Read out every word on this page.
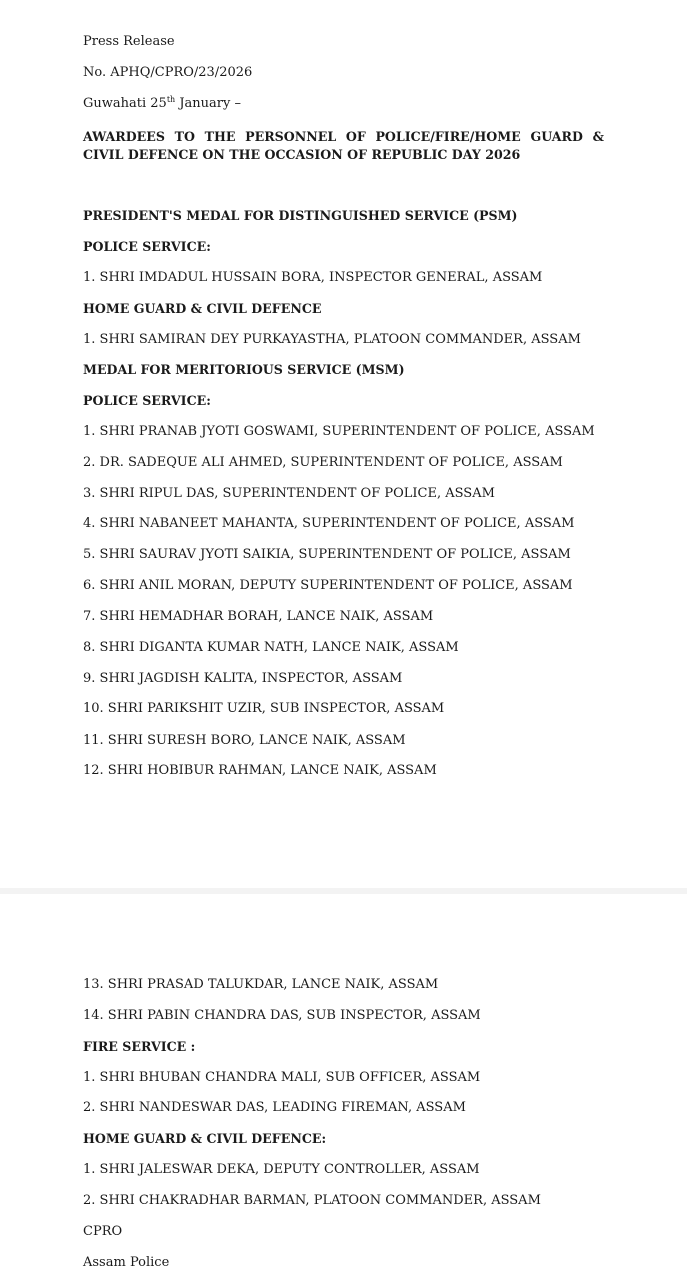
Press Release
No. APHQ/CPRO/23/2026
Guwahati 25th January –
AWARDEES TO THE PERSONNEL OF POLICE/FIRE/HOME GUARD & CIVIL DEFENCE ON THE OCCASION OF REPUBLIC DAY 2026
PRESIDENT'S MEDAL FOR DISTINGUISHED SERVICE (PSM)
POLICE SERVICE:
1. SHRI IMDADUL HUSSAIN BORA, INSPECTOR GENERAL, ASSAM
HOME GUARD & CIVIL DEFENCE
1. SHRI SAMIRAN DEY PURKAYASTHA, PLATOON COMMANDER, ASSAM
MEDAL FOR MERITORIOUS SERVICE (MSM)
POLICE SERVICE:
1. SHRI PRANAB JYOTI GOSWAMI, SUPERINTENDENT OF POLICE, ASSAM
2. DR. SADEQUE ALI AHMED, SUPERINTENDENT OF POLICE, ASSAM
3. SHRI RIPUL DAS, SUPERINTENDENT OF POLICE, ASSAM
4. SHRI NABANEET MAHANTA, SUPERINTENDENT OF POLICE, ASSAM
5. SHRI SAURAV JYOTI SAIKIA, SUPERINTENDENT OF POLICE, ASSAM
6. SHRI ANIL MORAN, DEPUTY SUPERINTENDENT OF POLICE, ASSAM
7. SHRI HEMADHAR BORAH, LANCE NAIK, ASSAM
8. SHRI DIGANTA KUMAR NATH, LANCE NAIK, ASSAM
9. SHRI JAGDISH KALITA, INSPECTOR, ASSAM
10. SHRI PARIKSHIT UZIR, SUB INSPECTOR, ASSAM
11. SHRI SURESH BORO, LANCE NAIK, ASSAM
12. SHRI HOBIBUR RAHMAN, LANCE NAIK, ASSAM
13. SHRI PRASAD TALUKDAR, LANCE NAIK, ASSAM
14. SHRI PABIN CHANDRA DAS, SUB INSPECTOR, ASSAM
FIRE SERVICE :
1. SHRI BHUBAN CHANDRA MALI, SUB OFFICER, ASSAM
2. SHRI NANDESWAR DAS, LEADING FIREMAN, ASSAM
HOME GUARD & CIVIL DEFENCE:
1. SHRI JALESWAR DEKA, DEPUTY CONTROLLER, ASSAM
2. SHRI CHAKRADHAR BARMAN, PLATOON COMMANDER, ASSAM
CPRO
Assam Police
